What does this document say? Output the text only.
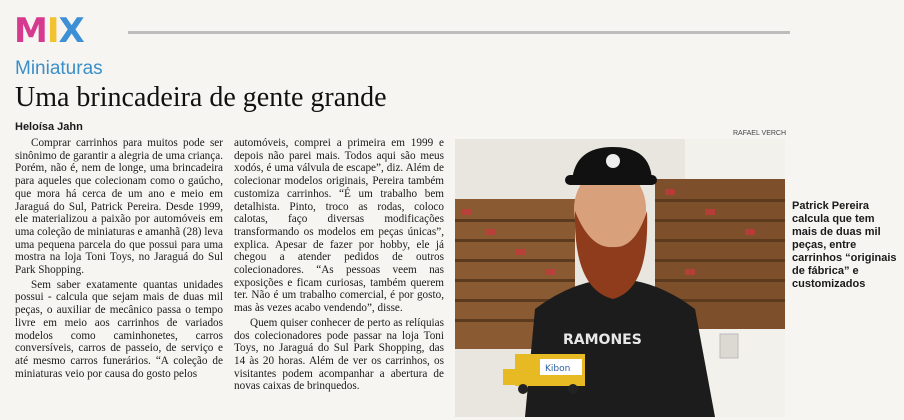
M I X
Miniaturas
Uma brincadeira de gente grande
Heloísa Jahn
RAFAEL VERCH

Comprar carrinhos para muitos pode ser sinônimo de garantir a alegria de uma criança. Porém, não é, nem de longe, uma brincadeira para aqueles que colecionam como o gaúcho, que mora há cerca de um ano e meio em Jaraguá do Sul, Patrick Pereira. Desde 1999, ele materializou a paixão por automóveis em uma coleção de miniaturas e amanhã (28) leva uma pequena parcela do que possui para uma mostra na loja Toni Toys, no Jaraguá do Sul Park Shopping.

Sem saber exatamente quantas unidades possui - calcula que sejam mais de duas mil peças, o auxiliar de mecânico passa o tempo livre em meio aos carrinhos de variados modelos como caminhonetes, carros conversíveis, carros de passeio, de serviço e até mesmo carros funerários. “A coleção de miniaturas veio por causa do gosto pelos

automóveis, comprei a primeira em 1999 e depois não parei mais. Todos aqui são meus xodós, é uma válvula de escape”, diz. Além de colecionar modelos originais, Pereira também customiza carrinhos. “É um trabalho bem detalhista. Pinto, troco as rodas, coloco calotas, faço diversas modificações transformando os modelos em peças únicas”, explica. Apesar de fazer por hobby, ele já chegou a atender pedidos de outros colecionadores. “As pessoas veem nas exposições e ficam curiosas, também querem ter. Não é um trabalho comercial, é por gosto, mas às vezes acabo vendendo”, disse.

Quem quiser conhecer de perto as relíquias dos colecionadores pode passar na loja Toni Toys, no Jaraguá do Sul Park Shopping, das 14 às 20 horas. Além de ver os carrinhos, os visitantes podem acompanhar a abertura de novas caixas de brinquedos.

RAMONES
Kibon
Patrick Pereira calcula que tem mais de duas mil peças, entre carrinhos “originais de fábrica” e customizados
